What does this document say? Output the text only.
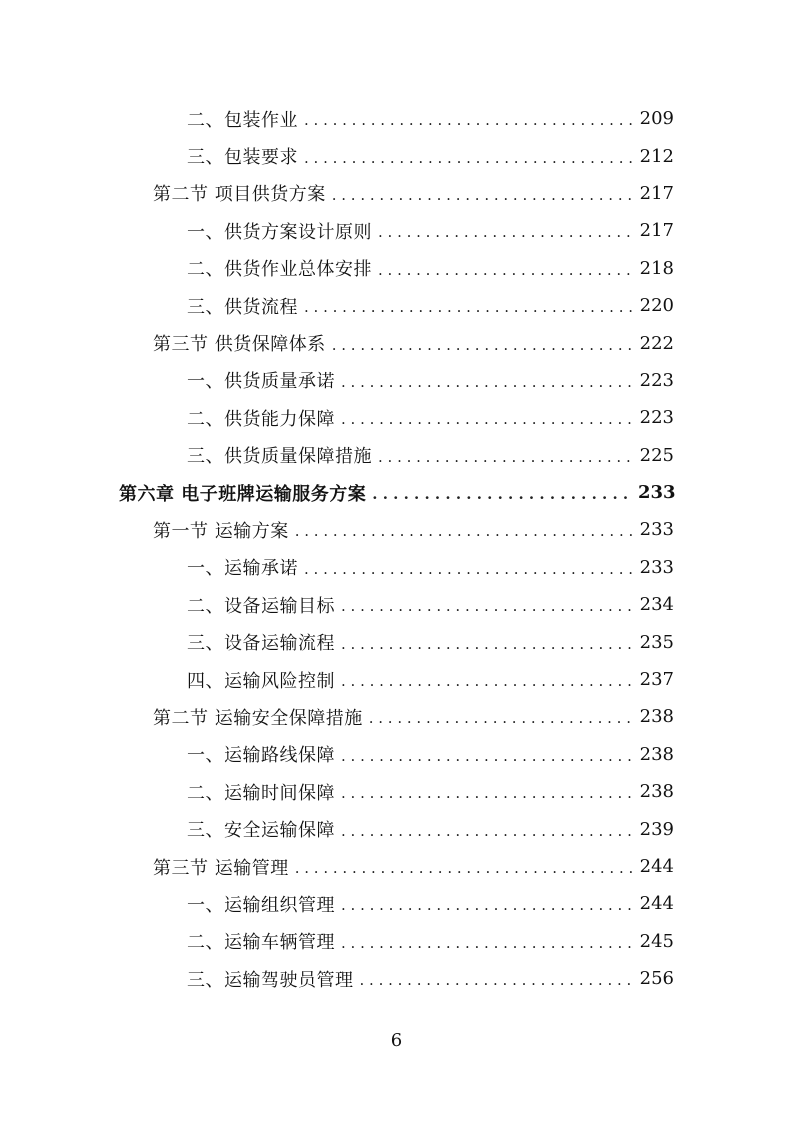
二、包装作业 . . .	209
三、包装要求 . . .	212
第二节 项目供货方案 . . .	217
一、供货方案设计原则 . . .	217
二、供货作业总体安排 . . .	218
三、供货流程 . . .	220
第三节 供货保障体系 . . .	222
一、供货质量承诺 . . .	223
二、供货能力保障 . . .	223
三、供货质量保障措施 . . .	225
第六章 电子班牌运输服务方案 . . .	233
第一节 运输方案 . . .	233
一、运输承诺 . . .	233
二、设备运输目标 . . .	234
三、设备运输流程 . . .	235
四、运输风险控制 . . .	237
第二节 运输安全保障措施 . . .	238
一、运输路线保障 . . .	238
二、运输时间保障 . . .	238
三、安全运输保障 . . .	239
第三节 运输管理 . . .	244
一、运输组织管理 . . .	244
二、运输车辆管理 . . .	245
三、运输驾驶员管理 . . .	256
6
